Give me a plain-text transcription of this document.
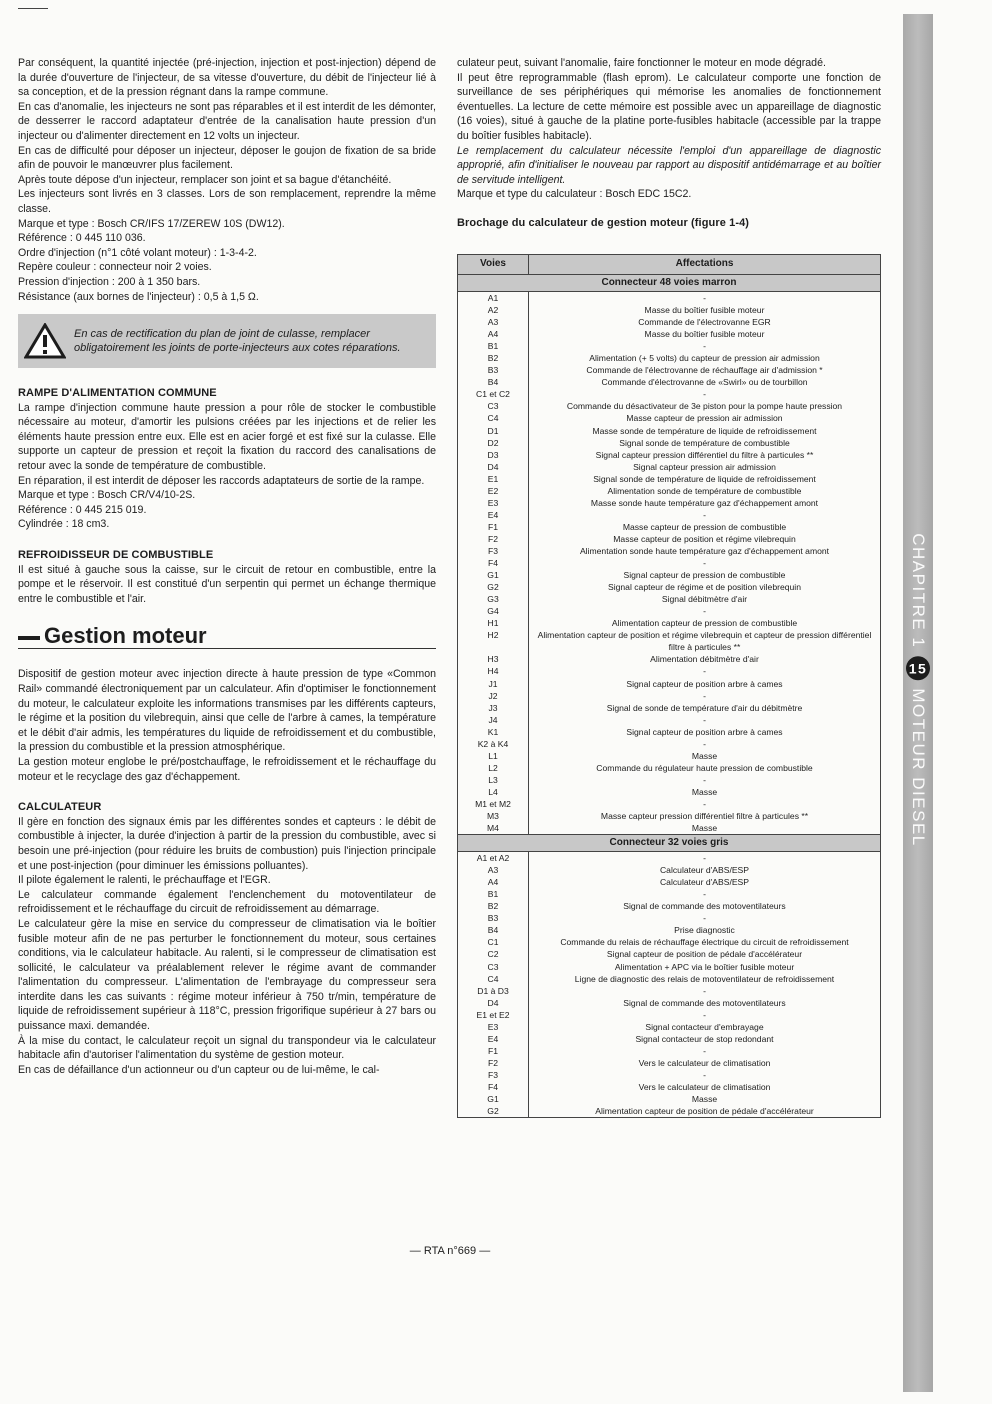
Par conséquent, la quantité injectée (pré-injection, injection et post-injection) dépend de la durée d'ouverture de l'injecteur, de sa vitesse d'ouverture, du débit de l'injecteur lié à sa conception, et de la pression régnant dans la rampe commune.

En cas d'anomalie, les injecteurs ne sont pas réparables et il est interdit de les démonter, de desserrer le raccord adaptateur d'entrée de la canalisation haute pression d'un injecteur ou d'alimenter directement en 12 volts un injecteur.

En cas de difficulté pour déposer un injecteur, déposer le goujon de fixation de sa bride afin de pouvoir le manœuvrer plus facilement.

Après toute dépose d'un injecteur, remplacer son joint et sa bague d'étanchéité.

Les injecteurs sont livrés en 3 classes. Lors de son remplacement, reprendre la même classe.

Marque et type : Bosch CR/IFS 17/ZEREW 10S (DW12).

Référence : 0 445 110 036.

Ordre d'injection (n°1 côté volant moteur) : 1-3-4-2.

Repère couleur : connecteur noir 2 voies.

Pression d'injection : 200 à 1 350 bars.

Résistance (aux bornes de l'injecteur) : 0,5 à 1,5 Ω.

En cas de rectification du plan de joint de culasse, remplacer obligatoirement les joints de porte-injecteurs aux cotes réparations.

RAMPE D'ALIMENTATION COMMUNE

La rampe d'injection commune haute pression a pour rôle de stocker le combustible nécessaire au moteur, d'amortir les pulsions créées par les injections et de relier les éléments haute pression entre eux. Elle est en acier forgé et est fixé sur la culasse. Elle supporte un capteur de pression et reçoit la fixation du raccord des canalisations de retour avec la sonde de température de combustible.

En réparation, il est interdit de déposer les raccords adaptateurs de sortie de la rampe.

Marque et type : Bosch CR/V4/10-2S.

Référence : 0 445 215 019.

Cylindrée : 18 cm3.

REFROIDISSEUR DE COMBUSTIBLE

Il est situé à gauche sous la caisse, sur le circuit de retour en combustible, entre la pompe et le réservoir. Il est constitué d'un serpentin qui permet un échange thermique entre le combustible et l'air.

Gestion moteur

Dispositif de gestion moteur avec injection directe à haute pression de type «Common Rail» commandé électroniquement par un calculateur. Afin d'optimiser le fonctionnement du moteur, le calculateur exploite les informations transmises par les différents capteurs, le régime et la position du vilebrequin, ainsi que celle de l'arbre à cames, la température et le débit d'air admis, les températures du liquide de refroidissement et du combustible, la pression du combustible et la pression atmosphérique.

La gestion moteur englobe le pré/postchauffage, le refroidissement et le réchauffage du moteur et le recyclage des gaz d'échappement.

CALCULATEUR

Il gère en fonction des signaux émis par les différentes sondes et capteurs : le débit de combustible à injecter, la durée d'injection à partir de la pression du combustible, avec si besoin une pré-injection (pour réduire les bruits de combustion) puis l'injection principale et une post-injection (pour diminuer les émissions polluantes).

Il pilote également le ralenti, le préchauffage et l'EGR.

Le calculateur commande également l'enclenchement du motoventilateur de refroidissement et le réchauffage du circuit de refroidissement au démarrage.

Le calculateur gère la mise en service du compresseur de climatisation via le boîtier fusible moteur afin de ne pas perturber le fonctionnement du moteur, sous certaines conditions, via le calculateur habitacle. Au ralenti, si le compresseur de climatisation est sollicité, le calculateur va préalablement relever le régime avant de commander l'alimentation du compresseur. L'alimentation de l'embrayage du compresseur sera interdite dans les cas suivants : régime moteur inférieur à 750 tr/min, température de liquide de refroidissement supérieur à 118°C, pression frigorifique supérieur à 27 bars ou puissance maxi. demandée.

À la mise du contact, le calculateur reçoit un signal du transpondeur via le calculateur habitacle afin d'autoriser l'alimentation du système de gestion moteur.

En cas de défaillance d'un actionneur ou d'un capteur ou de lui-même, le cal-

culateur peut, suivant l'anomalie, faire fonctionner le moteur en mode dégradé.

Il peut être reprogrammable (flash eprom). Le calculateur comporte une fonction de surveillance de ses périphériques qui mémorise les anomalies de fonctionnement éventuelles. La lecture de cette mémoire est possible avec un appareillage de diagnostic (16 voies), situé à gauche de la platine porte-fusibles habitacle (accessible par la trappe du boîtier fusibles habitacle).

Le remplacement du calculateur nécessite l'emploi d'un appareillage de diagnostic approprié, afin d'initialiser le nouveau par rapport au dispositif antidémarrage et au boîtier de servitude intelligent.

Marque et type du calculateur : Bosch EDC 15C2.

Brochage du calculateur de gestion moteur (figure 1-4)

Voies	Affectations
Connecteur 48 voies marron	
A1	-
A2	Masse du boîtier fusible moteur
A3	Commande de l'électrovanne EGR
A4	Masse du boîtier fusible moteur
B1	-
B2	Alimentation (+ 5 volts) du capteur de pression air admission
B3	Commande de l'électrovanne de réchauffage air d'admission *
B4	Commande d'électrovanne de «Swirl» ou de tourbillon
C1 et C2	-
C3	Commande du désactivateur de 3e piston pour la pompe haute pression
C4	Masse capteur de pression air admission
D1	Masse sonde de température de liquide de refroidissement
D2	Signal sonde de température de combustible
D3	Signal capteur pression différentiel du filtre à particules **
D4	Signal capteur pression air admission
E1	Signal sonde de température de liquide de refroidissement
E2	Alimentation sonde de température de combustible
E3	Masse sonde haute température gaz d'échappement amont
E4	-
F1	Masse capteur de pression de combustible
F2	Masse capteur de position et régime vilebrequin
F3	Alimentation sonde haute température gaz d'échappement amont
F4	-
G1	Signal capteur de pression de combustible
G2	Signal capteur de régime et de position vilebrequin
G3	Signal débitmètre d'air
G4	-
H1	Alimentation capteur de pression de combustible
H2	Alimentation capteur de position et régime vilebrequin et capteur de pression différentiel filtre à particules **
H3	Alimentation débitmètre d'air
H4	-
J1	Signal capteur de position arbre à cames
J2	-
J3	Signal de sonde de température d'air du débitmètre
J4	-
K1	Signal capteur de position arbre à cames
K2 à K4	-
L1	Masse
L2	Commande du régulateur haute pression de combustible
L3	-
L4	Masse
M1 et M2	-
M3	Masse capteur pression différentiel filtre à particules **
M4	Masse
Connecteur 32 voies gris	
A1 et A2	-
A3	Calculateur d'ABS/ESP
A4	Calculateur d'ABS/ESP
B1	-
B2	Signal de commande des motoventilateurs
B3	-
B4	Prise diagnostic
C1	Commande du relais de réchauffage électrique du circuit de refroidissement
C2	Signal capteur de position de pédale d'accélérateur
C3	Alimentation + APC via le boîtier fusible moteur
C4	Ligne de diagnostic des relais de motoventilateur de refroidissement
D1 à D3	-
D4	Signal de commande des motoventilateurs
E1 et E2	-
E3	Signal contacteur d'embrayage
E4	Signal contacteur de stop redondant
F1	-
F2	Vers le calculateur de climatisation
F3	-
F4	Vers le calculateur de climatisation
G1	Masse
G2	Alimentation capteur de position de pédale d'accélérateur
CHAPITRE 1
15
MOTEUR DIESEL
— RTA n°669 —
